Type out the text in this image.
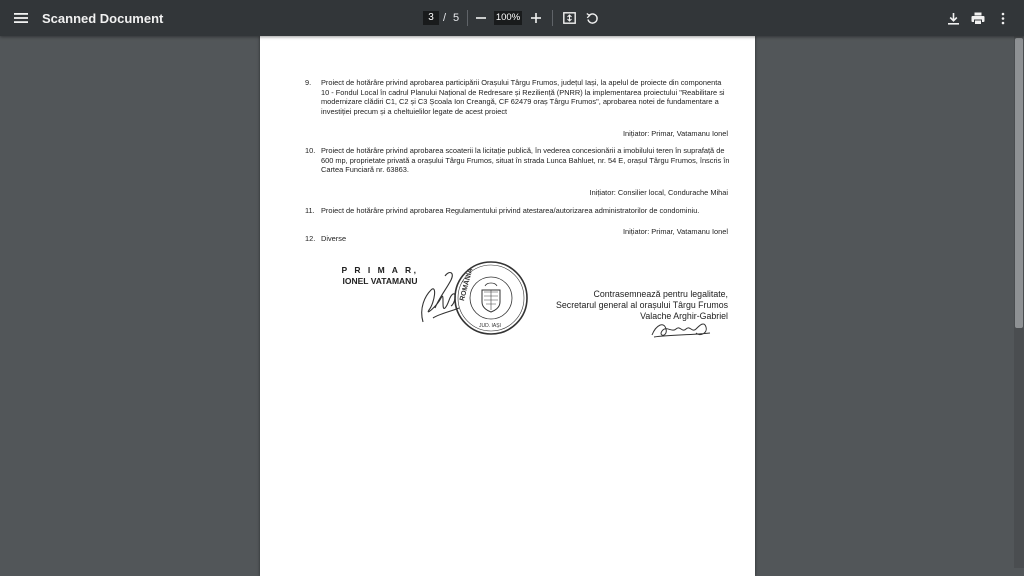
Scanned Document	3 / 5	100%
9. Proiect de hotărâre privind aprobarea participării Orașului Târgu Frumos, județul Iași, la apelul de proiecte din componenta 10 - Fondul Local în cadrul Planului Național de Redresare și Reziliență (PNRR) la implementarea proiectului "Reabilitare si modernizare clădiri C1, C2 și C3 Școala Ion Creangă, CF 62479 oraș Târgu Frumos", aprobarea notei de fundamentare a investiției precum și a cheltuielilor legate de acest proiect
Inițiator: Primar, Vatamanu Ionel
10. Proiect de hotărâre privind aprobarea scoaterii la licitație publică, în vederea concesionării a imobilului teren în suprafață de 600 mp, proprietate privată a orașului Târgu Frumos, situat în strada Lunca Bahluet, nr. 54 E, orașul Târgu Frumos, înscris în Cartea Funciară nr. 63863.
Inițiator: Consilier local, Condurache Mihai
11. Proiect de hotărâre privind aprobarea Regulamentului privind atestarea/autorizarea administratorilor de condominiu.
Inițiator: Primar, Vatamanu Ionel
12. Diverse
P R I M A R,
IONEL VATAMANU	ROMÂNIA
JUD. IAȘI
Contrasemnează pentru legalitate,
Secretarul general al orașului Târgu Frumos
Valache Arghir-Gabriel
